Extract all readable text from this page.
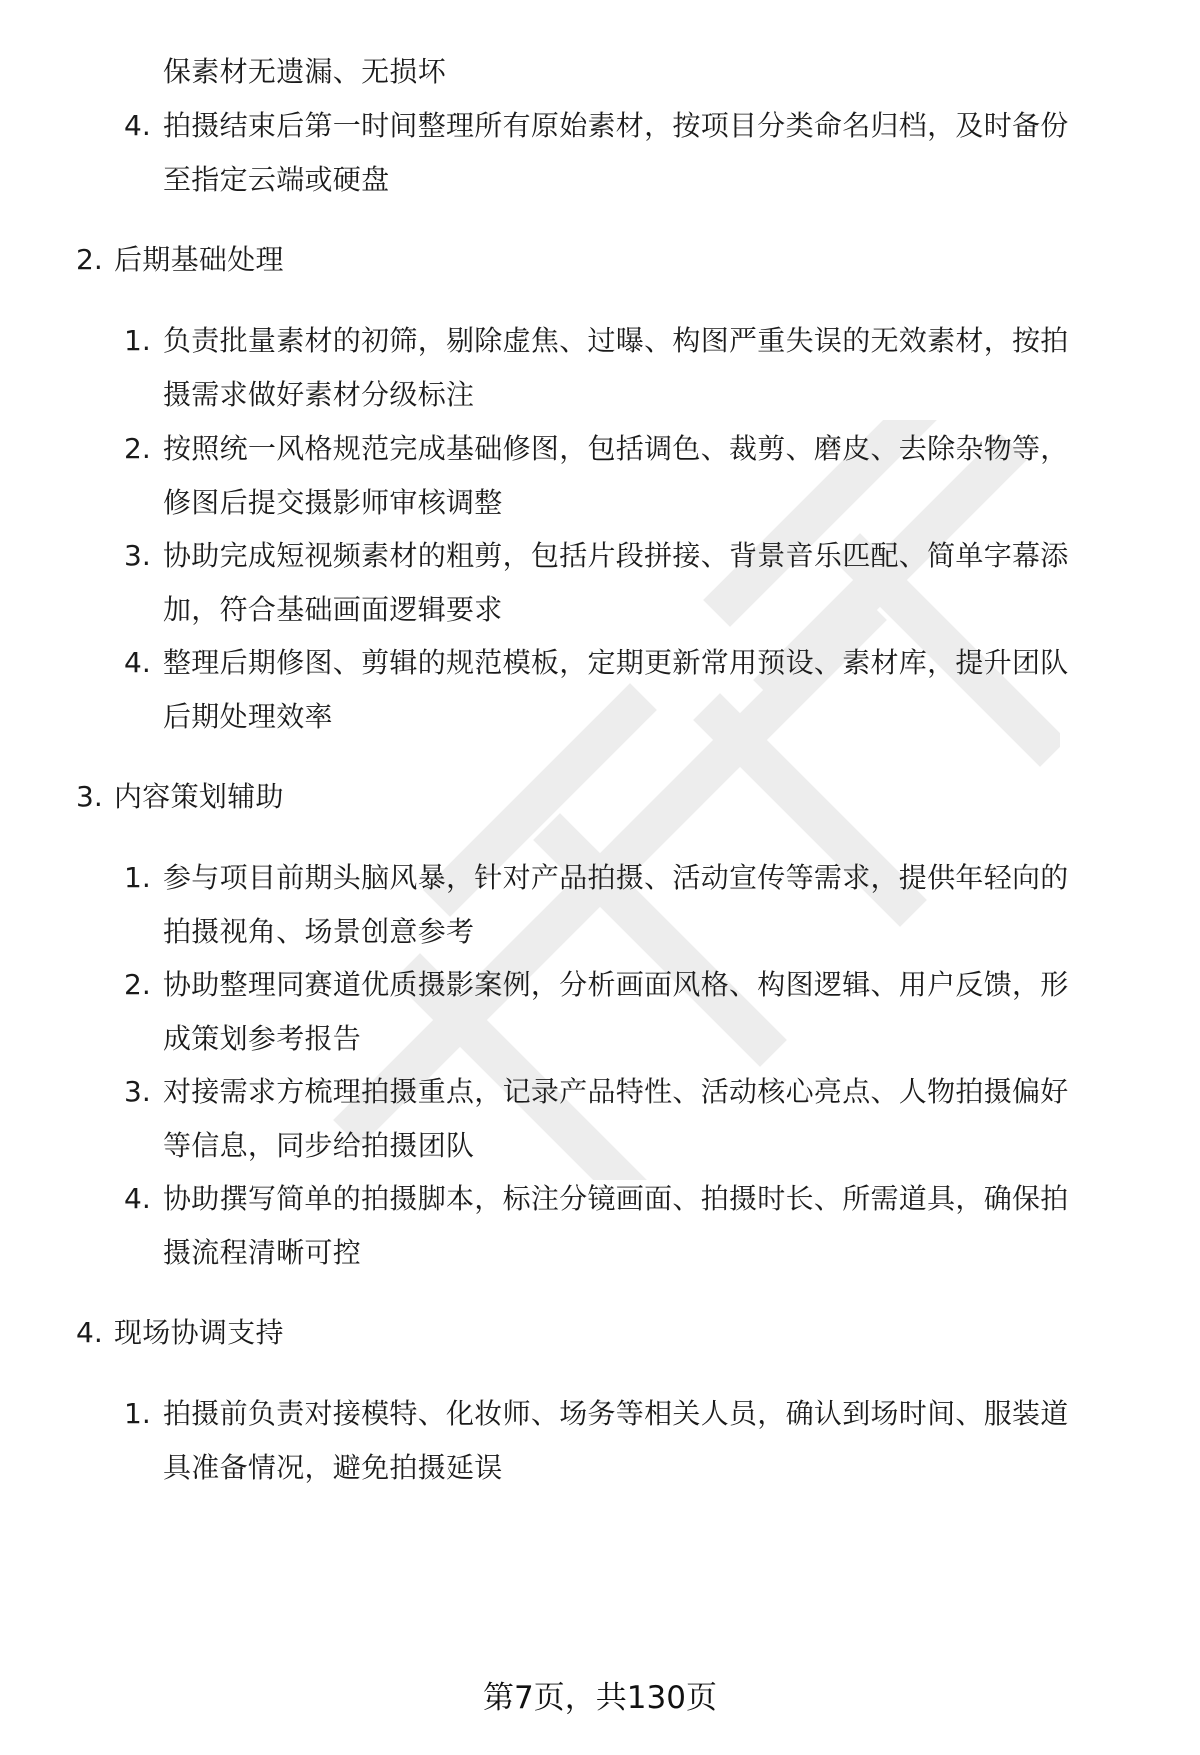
保素材无遗漏、无损坏
4. 拍摄结束后第一时间整理所有原始素材，按项目分类命名归档，及时备份
至指定云端或硬盘
2. 后期基础处理
1. 负责批量素材的初筛，剔除虚焦、过曝、构图严重失误的无效素材，按拍
摄需求做好素材分级标注
2. 按照统一风格规范完成基础修图，包括调色、裁剪、磨皮、去除杂物等，
修图后提交摄影师审核调整
3. 协助完成短视频素材的粗剪，包括片段拼接、背景音乐匹配、简单字幕添
加，符合基础画面逻辑要求
4. 整理后期修图、剪辑的规范模板，定期更新常用预设、素材库，提升团队
后期处理效率
3. 内容策划辅助
1. 参与项目前期头脑风暴，针对产品拍摄、活动宣传等需求，提供年轻向的
拍摄视角、场景创意参考
2. 协助整理同赛道优质摄影案例，分析画面风格、构图逻辑、用户反馈，形
成策划参考报告
3. 对接需求方梳理拍摄重点，记录产品特性、活动核心亮点、人物拍摄偏好
等信息，同步给拍摄团队
4. 协助撰写简单的拍摄脚本，标注分镜画面、拍摄时长、所需道具，确保拍
摄流程清晰可控
4. 现场协调支持
1. 拍摄前负责对接模特、化妆师、场务等相关人员，确认到场时间、服装道
具准备情况，避免拍摄延误
第7页，共130页
